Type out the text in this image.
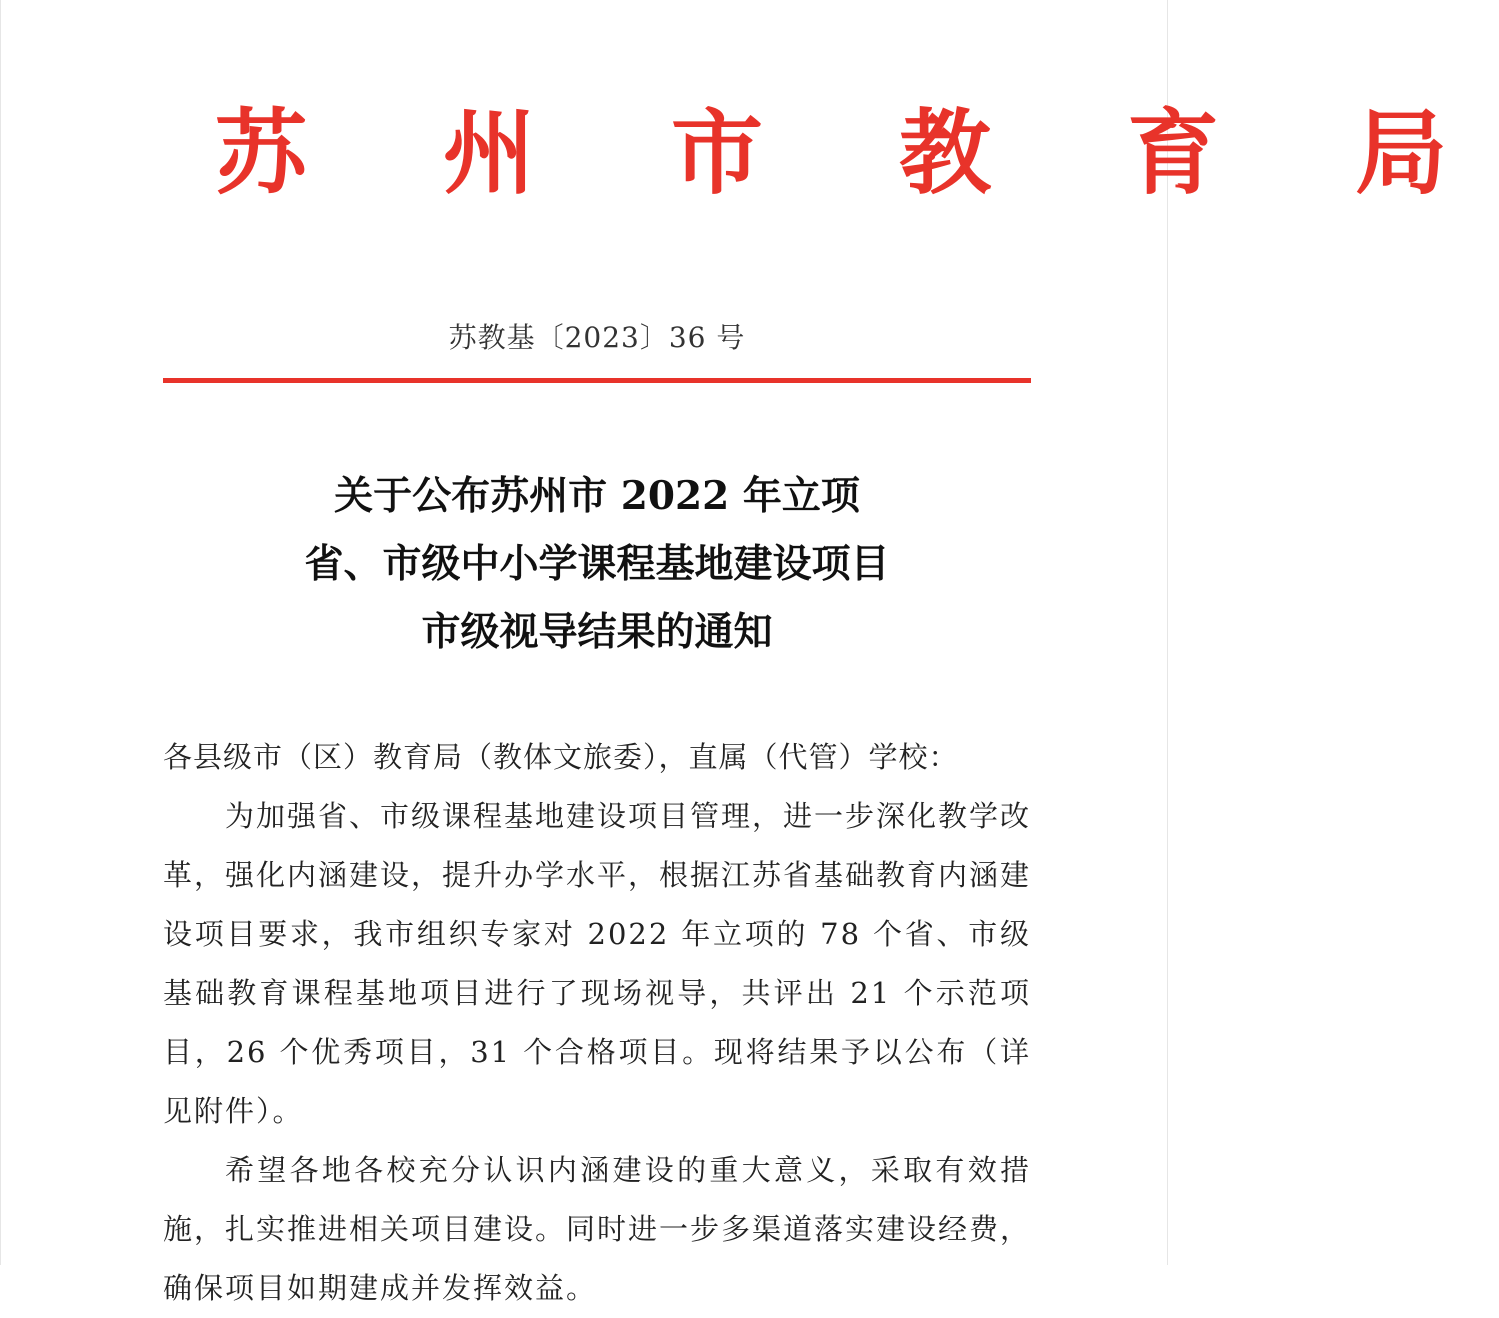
苏 州 市 教 育 局
苏教基〔2023〕36 号
关于公布苏州市 2022 年立项
省、市级中小学课程基地建设项目
市级视导结果的通知

各县级市（区）教育局（教体文旅委），直属（代管）学校：

为加强省、市级课程基地建设项目管理，进一步深化教学改革，强化内涵建设，提升办学水平，根据江苏省基础教育内涵建设项目要求，我市组织专家对 2022 年立项的 78 个省、市级基础教育课程基地项目进行了现场视导，共评出 21 个示范项目，26 个优秀项目，31 个合格项目。现将结果予以公布（详见附件）。

希望各地各校充分认识内涵建设的重大意义，采取有效措施，扎实推进相关项目建设。同时进一步多渠道落实建设经费，确保项目如期建成并发挥效益。
